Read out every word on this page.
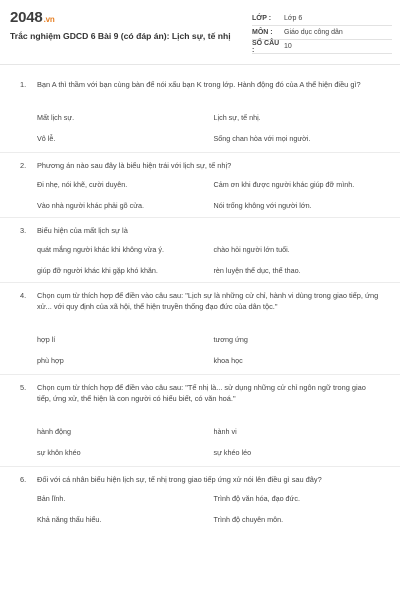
2048.vn
Trắc nghiệm GDCD 6 Bài 9 (có đáp án): Lịch sự, tế nhị
LỚP :	Lớp 6
MÔN :	Giáo dục công dân
SỐ CÂU :	10
1.	Bạn A thì thầm với bạn cùng bàn để nói xấu bạn K trong lớp. Hành động đó của A thể hiện điều gì?
Mất lịch sự.	Lịch sự, tế nhị.
Vô lễ.	Sống chan hòa với mọi người.
2.	Phương án nào sau đây là biểu hiện trái với lịch sự, tế nhị?
Đi nhẹ, nói khẽ, cười duyên.	Cảm ơn khi được người khác giúp đỡ mình.
Vào nhà người khác phải gõ cửa.	Nói trống không với người lớn.
3.	Biểu hiện của mất lịch sự là
quát mắng người khác khi không vừa ý.	chào hỏi người lớn tuổi.
giúp đỡ người khác khi gặp khó khăn.	rèn luyện thể dục, thể thao.
4.	Chọn cụm từ thích hợp để điền vào câu sau: "Lịch sự là những cử chỉ, hành vi dùng trong giao tiếp, ứng xử... với quy định của xã hội, thể hiện truyền thống đạo đức của dân tộc."
hợp lí	tương ứng
phù hợp	khoa học
5.	Chọn cụm từ thích hợp để điền vào câu sau: "Tế nhị là... sử dụng những cử chỉ ngôn ngữ trong giao tiếp, ứng xử, thể hiện là con người có hiểu biết, có văn hoá."
hành động	hành vi
sự khôn khéo	sự khéo léo
6.	Đối với cá nhân biểu hiện lịch sự, tế nhị trong giao tiếp ứng xử nói lên điều gì sau đây?
Bản lĩnh.	Trình độ văn hóa, đạo đức.
Khả năng thấu hiểu.	Trình độ chuyên môn.
